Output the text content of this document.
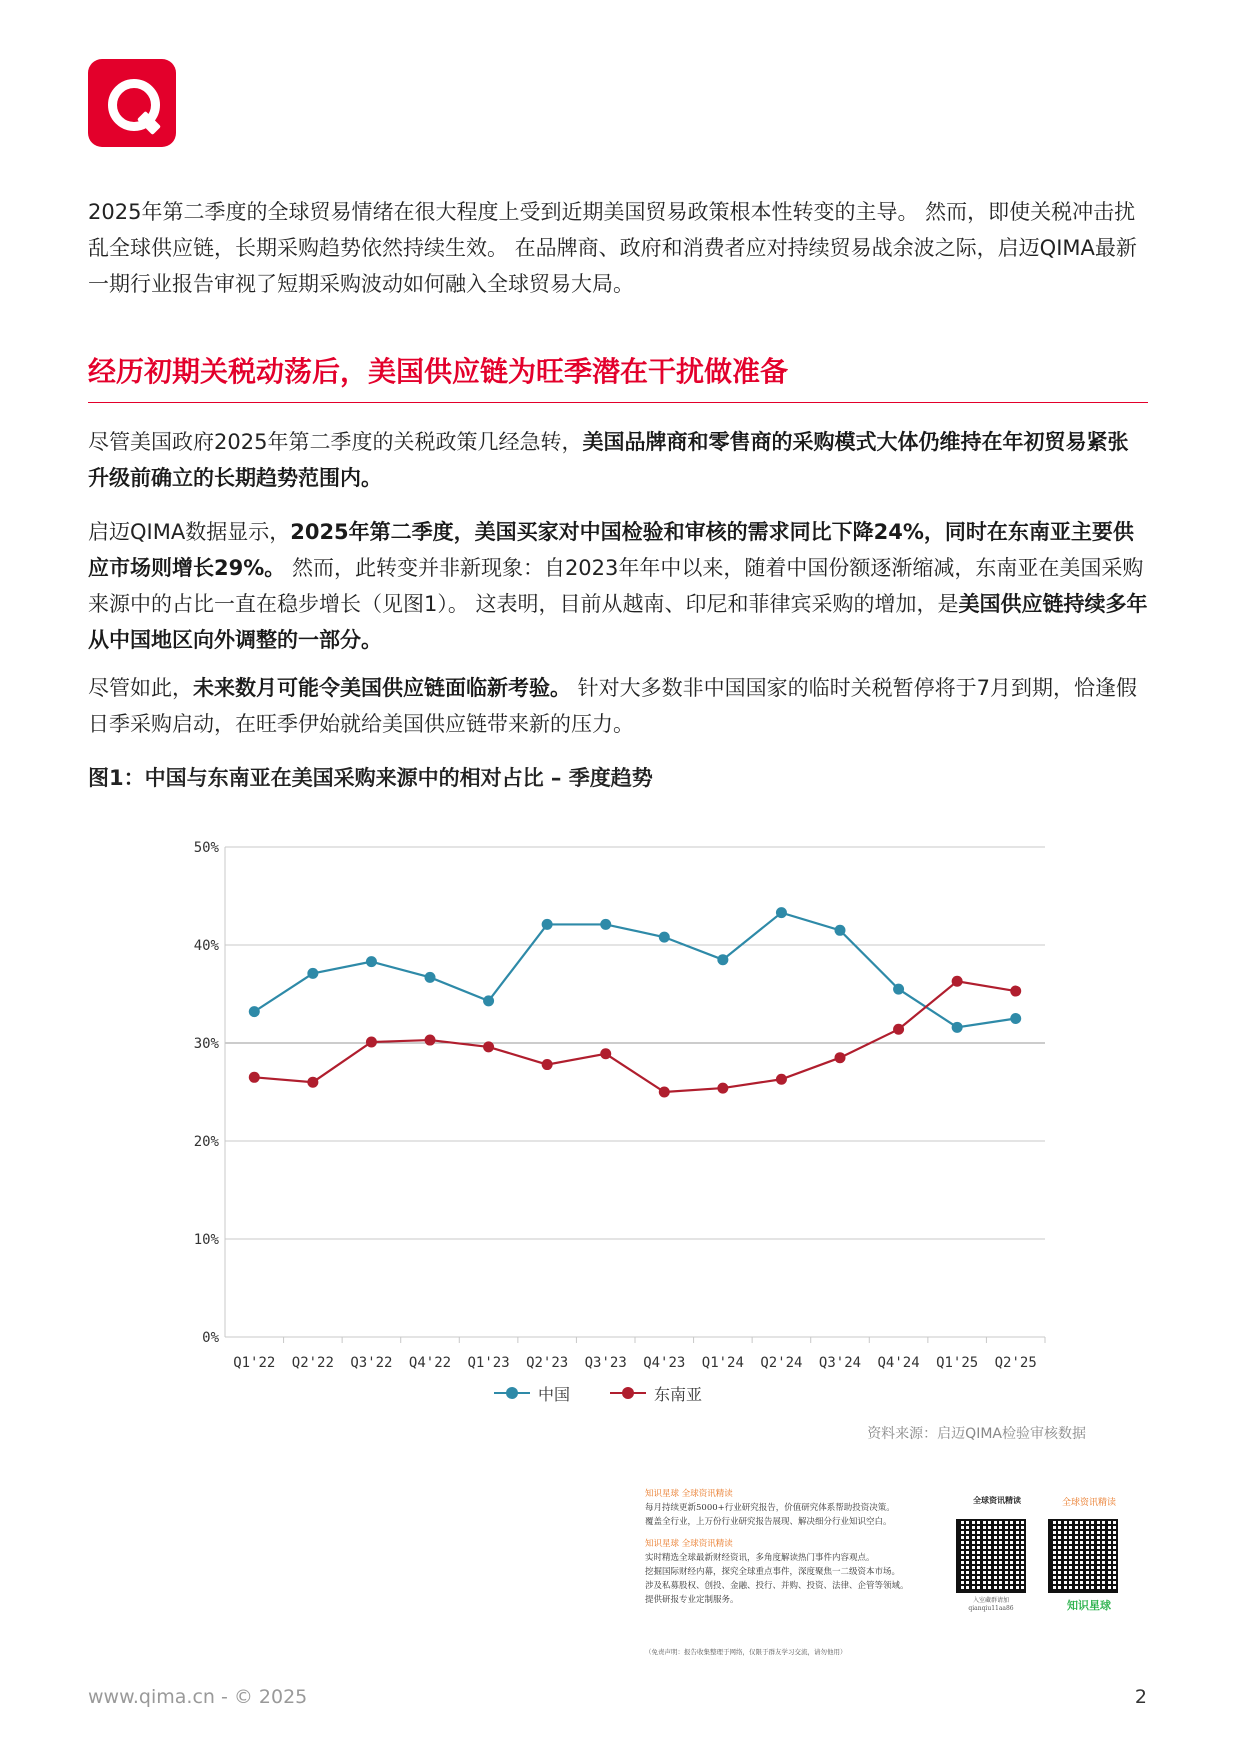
2025年第二季度的全球贸易情绪在很大程度上受到近期美国贸易政策根本性转变的主导。 然而，即使关税冲击扰乱全球供应链，长期采购趋势依然持续生效。 在品牌商、政府和消费者应对持续贸易战余波之际，启迈QIMA最新一期行业报告审视了短期采购波动如何融入全球贸易大局。

经历初期关税动荡后，美国供应链为旺季潜在干扰做准备

尽管美国政府2025年第二季度的关税政策几经急转，美国品牌商和零售商的采购模式大体仍维持在年初贸易紧张升级前确立的长期趋势范围内。

启迈QIMA数据显示，2025年第二季度，美国买家对中国检验和审核的需求同比下降24%，同时在东南亚主要供应市场则增长29%。 然而，此转变并非新现象：自2023年年中以来，随着中国份额逐渐缩减，东南亚在美国采购来源中的占比一直在稳步增长（见图1）。 这表明，目前从越南、印尼和菲律宾采购的增加，是美国供应链持续多年从中国地区向外调整的一部分。

尽管如此，未来数月可能令美国供应链面临新考验。 针对大多数非中国国家的临时关税暂停将于7月到期，恰逢假日季采购启动，在旺季伊始就给美国供应链带来新的压力。

图1：中国与东南亚在美国采购来源中的相对占比 – 季度趋势
0%
10%
20%
30%
40%
50%
Q1'22 Q2'22 Q3'22 Q4'22 Q1'23 Q2'23 Q3'23 Q4'23 Q1'24 Q2'24 Q3'24 Q4'24 Q1'25 Q2'25
中国	东南亚
资料来源：启迈QIMA检验审核数据
知识星球 全球资讯精读
每月持续更新5000+行业研究报告，价值研究体系帮助投资决策。
覆盖全行业，上万份行业研究报告展现、解决细分行业知识空白。
知识星球 全球资讯精读
实时精选全球最新财经资讯，多角度解读热门事件内容观点。
挖掘国际财经内幕，探究全球重点事件，深度聚焦一二级资本市场。
涉及私募股权、创投、金融、投行、并购、投资、法律、企管等领域。
提供研报专业定制服务。
全球资讯精读	全球资讯精读
入室藏群请加 qianqiu11aa86	知识星球
（免责声明：报告收集整理于网络，仅限于群友学习交流，请勿他用）
www.qima.cn - © 2025	2
